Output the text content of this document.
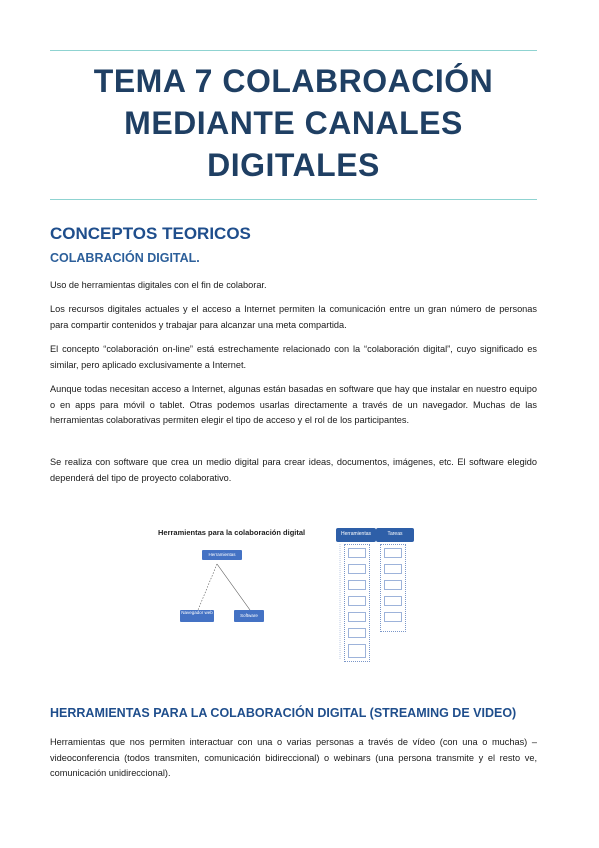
TEMA 7 COLABROACIÓN MEDIANTE CANALES DIGITALES
CONCEPTOS TEORICOS
COLABRACIÓN DIGITAL.

Uso de herramientas digitales con el fin de colaborar.

Los recursos digitales actuales y el acceso a Internet permiten la comunicación entre un gran número de personas para compartir contenidos y trabajar para alcanzar una meta compartida.

El concepto “colaboración on-line” está estrechamente relacionado con la “colaboración digital”, cuyo significado es similar, pero aplicado exclusivamente a Internet.

Aunque todas necesitan acceso a Internet, algunas están basadas en software que hay que instalar en nuestro equipo o en apps para móvil o tablet. Otras podemos usarlas directamente a través de un navegador. Muchas de las herramientas colaborativas permiten elegir el tipo de acceso y el rol de los participantes.

Se realiza con software que crea un medio digital para crear ideas, documentos, imágenes, etc. El software elegido dependerá del tipo de proyecto colaborativo.

Herramientas para la colaboración digital
Herramientas
Navegador web
Software
Herramientas	Tareas
HERRAMIENTAS PARA LA COLABORACIÓN DIGITAL (STREAMING DE VIDEO)

Herramientas que nos permiten interactuar con una o varias personas a través de vídeo (con una o muchas) – videoconferencia (todos transmiten, comunicación bidireccional) o webinars (una persona transmite y el resto ve, comunicación unidireccional).
